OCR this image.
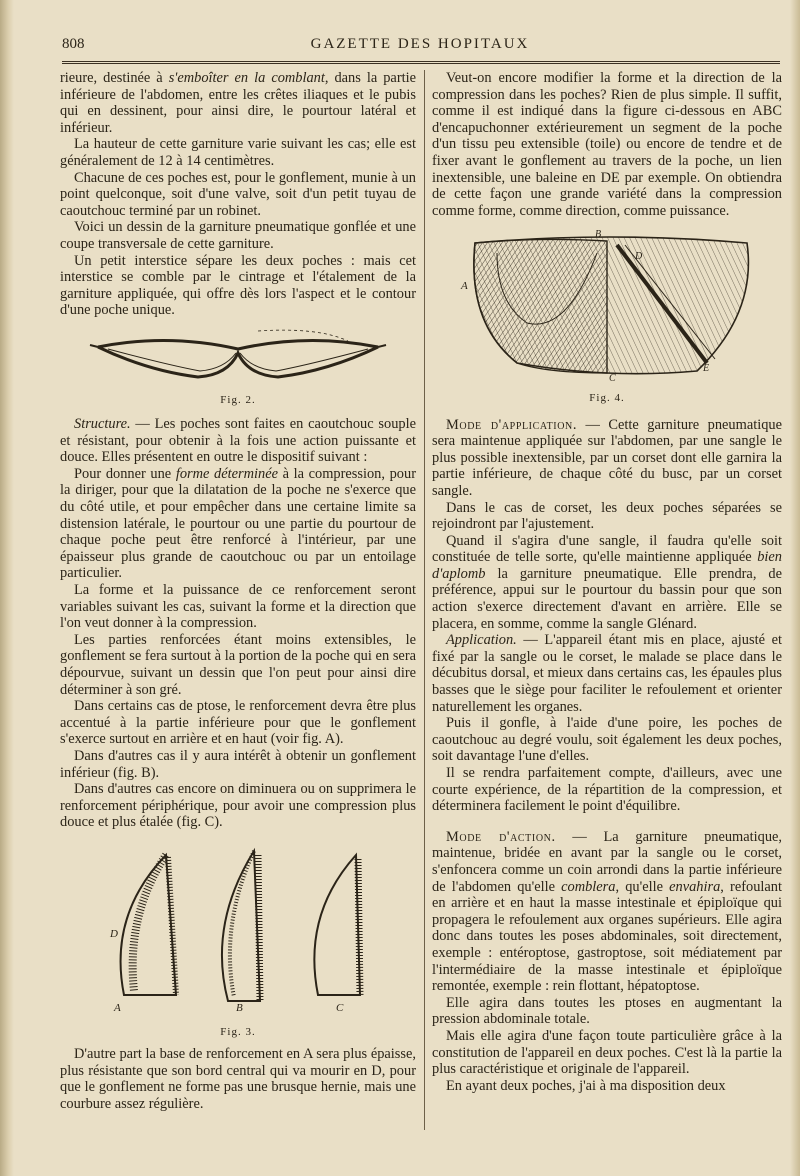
808	GAZETTE DES HOPITAUX

rieure, destinée à s'emboîter en la comblant, dans la partie inférieure de l'abdomen, entre les crêtes iliaques et le pubis qui en dessinent, pour ainsi dire, le pourtour latéral et inférieur.

La hauteur de cette garniture varie suivant les cas; elle est généralement de 12 à 14 centimètres.

Chacune de ces poches est, pour le gonflement, munie à un point quelconque, soit d'une valve, soit d'un petit tuyau de caoutchouc terminé par un robinet.

Voici un dessin de la garniture pneumatique gonflée et une coupe transversale de cette garniture.

Un petit interstice sépare les deux poches : mais cet interstice se comble par le cintrage et l'étalement de la garniture appliquée, qui offre dès lors l'aspect et le contour d'une poche unique.

Fig. 2.

Structure. — Les poches sont faites en caoutchouc souple et résistant, pour obtenir à la fois une action puissante et douce. Elles présentent en outre le dispositif suivant :

Pour donner une forme déterminée à la compression, pour la diriger, pour que la dilatation de la poche ne s'exerce que du côté utile, et pour empêcher dans une certaine limite sa distension latérale, le pourtour ou une partie du pourtour de chaque poche peut être renforcé à l'intérieur, par une épaisseur plus grande de caoutchouc ou par un entoilage particulier.

La forme et la puissance de ce renforcement seront variables suivant les cas, suivant la forme et la direction que l'on veut donner à la compression.

Les parties renforcées étant moins extensibles, le gonflement se fera surtout à la portion de la poche qui en sera dépourvue, suivant un dessin que l'on peut pour ainsi dire déterminer à son gré.

Dans certains cas de ptose, le renforcement devra être plus accentué à la partie inférieure pour que le gonflement s'exerce surtout en arrière et en haut (voir fig. A).

Dans d'autres cas il y aura intérêt à obtenir un gonflement inférieur (fig. B).

Dans d'autres cas encore on diminuera ou on supprimera le renforcement périphérique, pour avoir une compression plus douce et plus étalée (fig. C).

D
A	B	C
Fig. 3.

D'autre part la base de renforcement en A sera plus épaisse, plus résistante que son bord central qui va mourir en D, pour que le gonflement ne forme pas une brusque hernie, mais une courbure assez régulière.

Veut-on encore modifier la forme et la direction de la compression dans les poches? Rien de plus simple. Il suffit, comme il est indiqué dans la figure ci-dessous en ABC d'encapuchonner extérieurement un segment de la poche d'un tissu peu extensible (toile) ou encore de tendre et de fixer avant le gonflement au travers de la poche, un lien inextensible, une baleine en DE par exemple. On obtiendra de cette façon une grande variété dans la compression comme forme, comme direction, comme puissance.

D
B
A
E
C
Fig. 4.

Mode d'application. — Cette garniture pneumatique sera maintenue appliquée sur l'abdomen, par une sangle le plus possible inextensible, par un corset dont elle garnira la partie inférieure, de chaque côté du busc, par un corset sangle.

Dans le cas de corset, les deux poches séparées se rejoindront par l'ajustement.

Quand il s'agira d'une sangle, il faudra qu'elle soit constituée de telle sorte, qu'elle maintienne appliquée bien d'aplomb la garniture pneumatique. Elle prendra, de préférence, appui sur le pourtour du bassin pour que son action s'exerce directement d'avant en arrière. Elle se placera, en somme, comme la sangle Glénard.

Application. — L'appareil étant mis en place, ajusté et fixé par la sangle ou le corset, le malade se place dans le décubitus dorsal, et mieux dans certains cas, les épaules plus basses que le siège pour faciliter le refoulement et orienter naturellement les organes.

Puis il gonfle, à l'aide d'une poire, les poches de caoutchouc au degré voulu, soit également les deux poches, soit davantage l'une d'elles.

Il se rendra parfaitement compte, d'ailleurs, avec une courte expérience, de la répartition de la compression, et déterminera facilement le point d'équilibre.

Mode d'action. — La garniture pneumatique, maintenue, bridée en avant par la sangle ou le corset, s'enfoncera comme un coin arrondi dans la partie inférieure de l'abdomen qu'elle comblera, qu'elle envahira, refoulant en arrière et en haut la masse intestinale et épiploïque qui propagera le refoulement aux organes supérieurs. Elle agira donc dans toutes les poses abdominales, soit directement, exemple : entéroptose, gastroptose, soit médiatement par l'intermédiaire de la masse intestinale et épiploïque remontée, exemple : rein flottant, hépatoptose.

Elle agira dans toutes les ptoses en augmentant la pression abdominale totale.

Mais elle agira d'une façon toute particulière grâce à la constitution de l'appareil en deux poches. C'est là la partie la plus caractéristique et originale de l'appareil.

En ayant deux poches, j'ai à ma disposition deux
